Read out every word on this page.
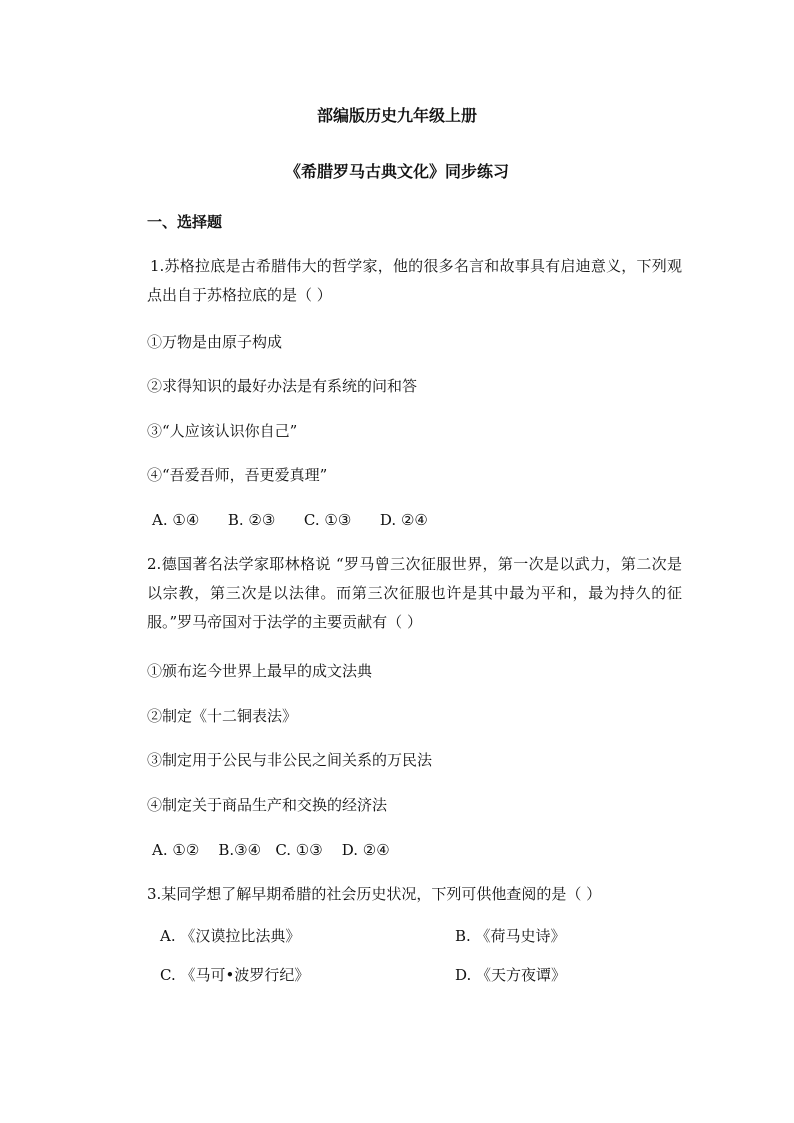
部编版历史九年级上册
《希腊罗马古典文化》同步练习
一、选择题
1.苏格拉底是古希腊伟大的哲学家，他的很多名言和故事具有启迪意义，下列观点出自于苏格拉底的是（ ）
①万物是由原子构成
②求得知识的最好办法是有系统的问和答
③“人应该认识你自己”
④“吾爱吾师，吾更爱真理”
A. ①④      B. ②③      C. ①③      D. ②④
2.德国著名法学家耶林格说 “罗马曾三次征服世界，第一次是以武力，第二次是以宗教，第三次是以法律。而第三次征服也许是其中最为平和，最为持久的征服。”罗马帝国对于法学的主要贡献有（ ）
①颁布迄今世界上最早的成文法典
②制定《十二铜表法》
③制定用于公民与非公民之间关系的万民法
④制定关于商品生产和交换的经济法
A. ①②    B.③④   C. ①③    D. ②④
3.某同学想了解早期希腊的社会历史状况，下列可供他查阅的是（ ）
A. 《汉谟拉比法典》	B. 《荷马史诗》
C. 《马可•波罗行纪》	D. 《天方夜谭》
